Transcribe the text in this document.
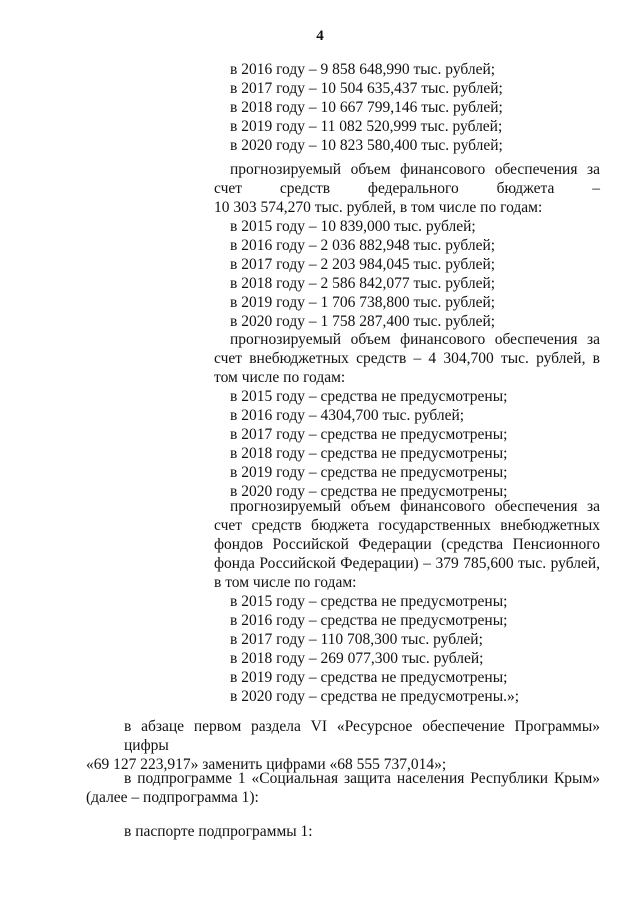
4
в 2016 году – 9 858 648,990 тыс. рублей;
в 2017 году – 10 504 635,437 тыс. рублей;
в 2018 году – 10 667 799,146 тыс. рублей;
в 2019 году – 11 082 520,999 тыс. рублей;
в 2020 году – 10 823 580,400 тыс. рублей;
прогнозируемый объем финансового обеспечения за
счет средств федерального бюджета –
10 303 574,270 тыс. рублей, в том числе по годам:
в 2015 году – 10 839,000 тыс. рублей;
в 2016 году – 2 036 882,948 тыс. рублей;
в 2017 году – 2 203 984,045 тыс. рублей;
в 2018 году – 2 586 842,077 тыс. рублей;
в 2019 году – 1 706 738,800 тыс. рублей;
в 2020 году – 1 758 287,400 тыс. рублей;
прогнозируемый объем финансового обеспечения за
счет внебюджетных средств – 4 304,700 тыс. рублей, в
том числе по годам:
в 2015 году – средства не предусмотрены;
в 2016 году – 4304,700 тыс. рублей;
в 2017 году – средства не предусмотрены;
в 2018 году – средства не предусмотрены;
в 2019 году – средства не предусмотрены;
в 2020 году – средства не предусмотрены;
прогнозируемый объем финансового обеспечения за
счет средств бюджета государственных внебюджетных
фондов Российской Федерации (средства Пенсионного
фонда Российской Федерации) – 379 785,600 тыс. рублей,
в том числе по годам:
в 2015 году – средства не предусмотрены;
в 2016 году – средства не предусмотрены;
в 2017 году – 110 708,300 тыс. рублей;
в 2018 году – 269 077,300 тыс. рублей;
в 2019 году – средства не предусмотрены;
в 2020 году – средства не предусмотрены.»;
в абзаце первом раздела VI «Ресурсное обеспечение Программы» цифры
«69 127 223,917» заменить цифрами «68 555 737,014»;
в подпрограмме 1 «Социальная защита населения Республики Крым»
(далее – подпрограмма 1):
в паспорте подпрограммы 1:
